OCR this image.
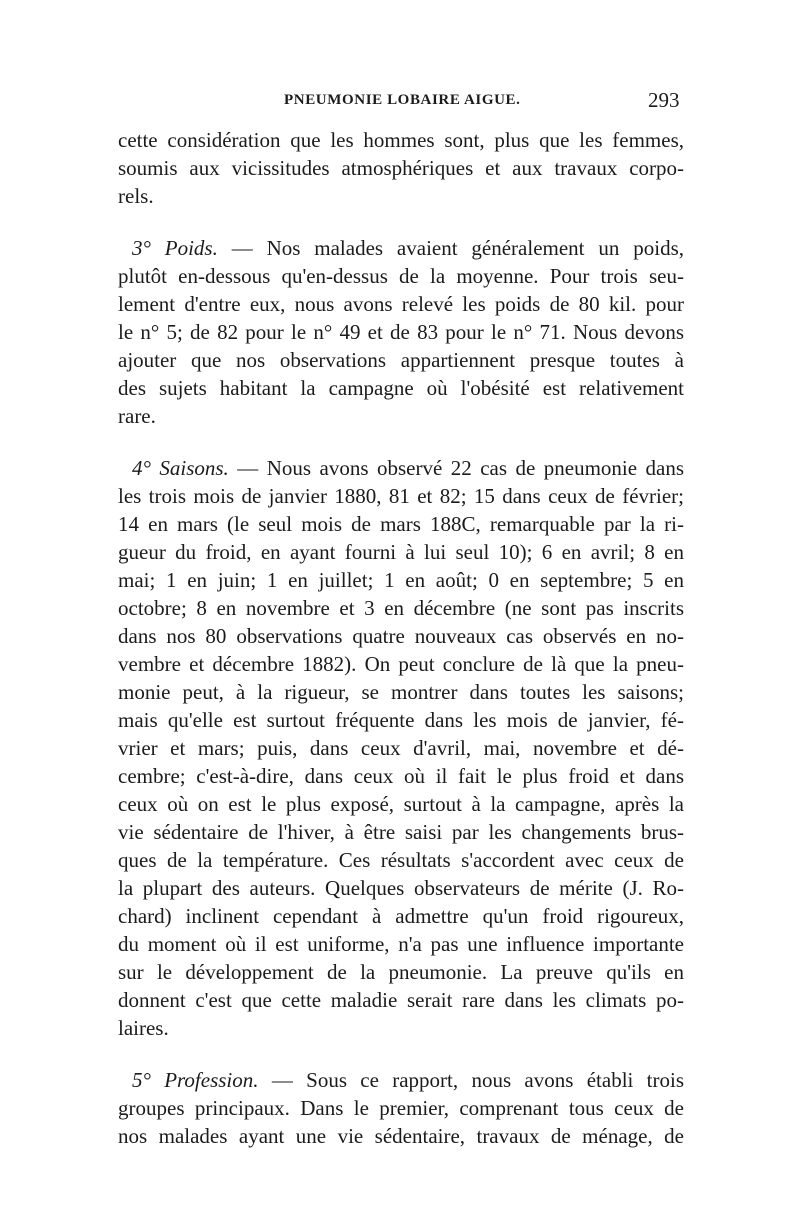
PNEUMONIE LOBAIRE AIGUE.	293
cette considération que les hommes sont, plus que les femmes,
soumis aux vicissitudes atmosphériques et aux travaux corpo-
rels.
3° Poids. — Nos malades avaient généralement un poids,
plutôt en-dessous qu'en-dessus de la moyenne. Pour trois seu-
lement d'entre eux, nous avons relevé les poids de 80 kil. pour
le n° 5; de 82 pour le n° 49 et de 83 pour le n° 71. Nous devons
ajouter que nos observations appartiennent presque toutes à
des sujets habitant la campagne où l'obésité est relativement
rare.
4° Saisons. — Nous avons observé 22 cas de pneumonie dans
les trois mois de janvier 1880, 81 et 82; 15 dans ceux de février;
14 en mars (le seul mois de mars 188C, remarquable par la ri-
gueur du froid, en ayant fourni à lui seul 10); 6 en avril; 8 en
mai; 1 en juin; 1 en juillet; 1 en août; 0 en septembre; 5 en
octobre; 8 en novembre et 3 en décembre (ne sont pas inscrits
dans nos 80 observations quatre nouveaux cas observés en no-
vembre et décembre 1882). On peut conclure de là que la pneu-
monie peut, à la rigueur, se montrer dans toutes les saisons;
mais qu'elle est surtout fréquente dans les mois de janvier, fé-
vrier et mars; puis, dans ceux d'avril, mai, novembre et dé-
cembre; c'est-à-dire, dans ceux où il fait le plus froid et dans
ceux où on est le plus exposé, surtout à la campagne, après la
vie sédentaire de l'hiver, à être saisi par les changements brus-
ques de la température. Ces résultats s'accordent avec ceux de
la plupart des auteurs. Quelques observateurs de mérite (J. Ro-
chard) inclinent cependant à admettre qu'un froid rigoureux,
du moment où il est uniforme, n'a pas une influence importante
sur le développement de la pneumonie. La preuve qu'ils en
donnent c'est que cette maladie serait rare dans les climats po-
laires.
5° Profession. — Sous ce rapport, nous avons établi trois
groupes principaux. Dans le premier, comprenant tous ceux de
nos malades ayant une vie sédentaire, travaux de ménage, de
